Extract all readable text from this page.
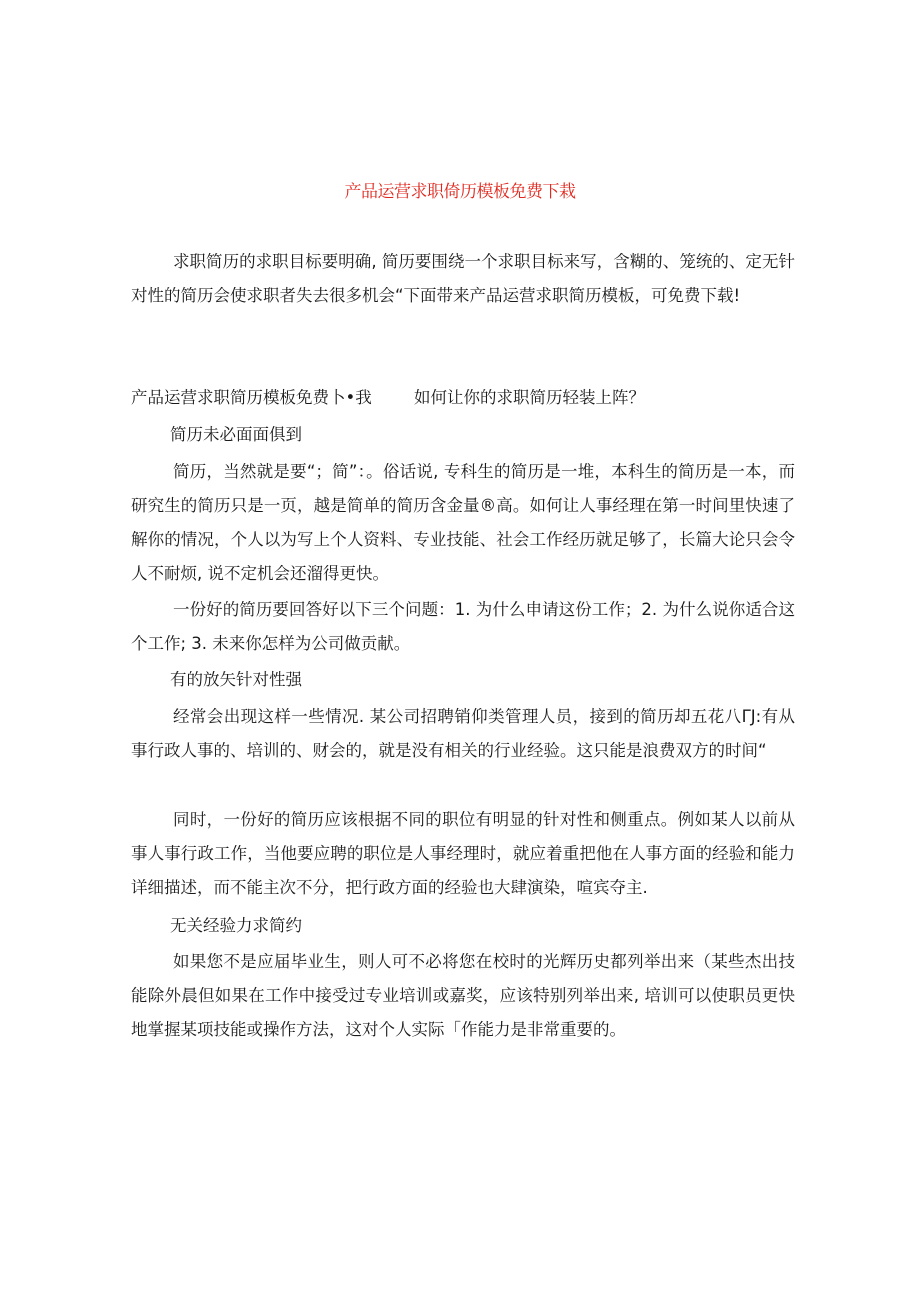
产品运营求职倚历模板免费下栽

求职简历的求职目标要明确, 简历要围绕一个求职目标来写，含糊的、笼统的、定无针对性的简历会使求职者失去很多机会“下面带来产品运营求职简历模板，可免费下载!

产品运营求职简历模板免费卜•我	如何让你的求职简历轻装上阵？

简历未必面面俱到

简历，当然就是要“；简”：。俗话说, 专科生的简历是一堆，本科生的简历是一本，而研究生的简历只是一页，越是简单的简历含金量®高。如何让人事经理在第一时间里快速了解你的情况，个人以为写上个人资料、专业技能、社会工作经历就足够了，长篇大论只会令人不耐烦, 说不定机会还溜得更快。

一份好的简历要回答好以下三个问题：1. 为什么申请这份工作；2. 为什么说你适合这个工作; 3. 未来你怎样为公司做贡献。

有的放矢针对性强

经常会出现这样一些情况. 某公司招聘销仰类管理人员，接到的简历却五花八ΓJ:有从事行政人事的、培训的、财会的，就是没有相关的行业经验。这只能是浪费双方的时间“

同时，一份好的简历应该根据不同的职位有明显的针对性和侧重点。例如某人以前从事人事行政工作，当他要应聘的职位是人事经理时，就应着重把他在人事方面的经验和能力详细描述，而不能主次不分，把行政方面的经验也大肆演染，喧宾夺主.

无关经验力求简约

如果您不是应届毕业生，则人可不必将您在校时的光辉历史都列举出来（某些杰出技能除外晨但如果在工作中接受过专业培训或嘉奖，应该特别列举出来, 培训可以使职员更快地掌握某项技能或操作方法，这对个人实际「作能力是非常重要的。
